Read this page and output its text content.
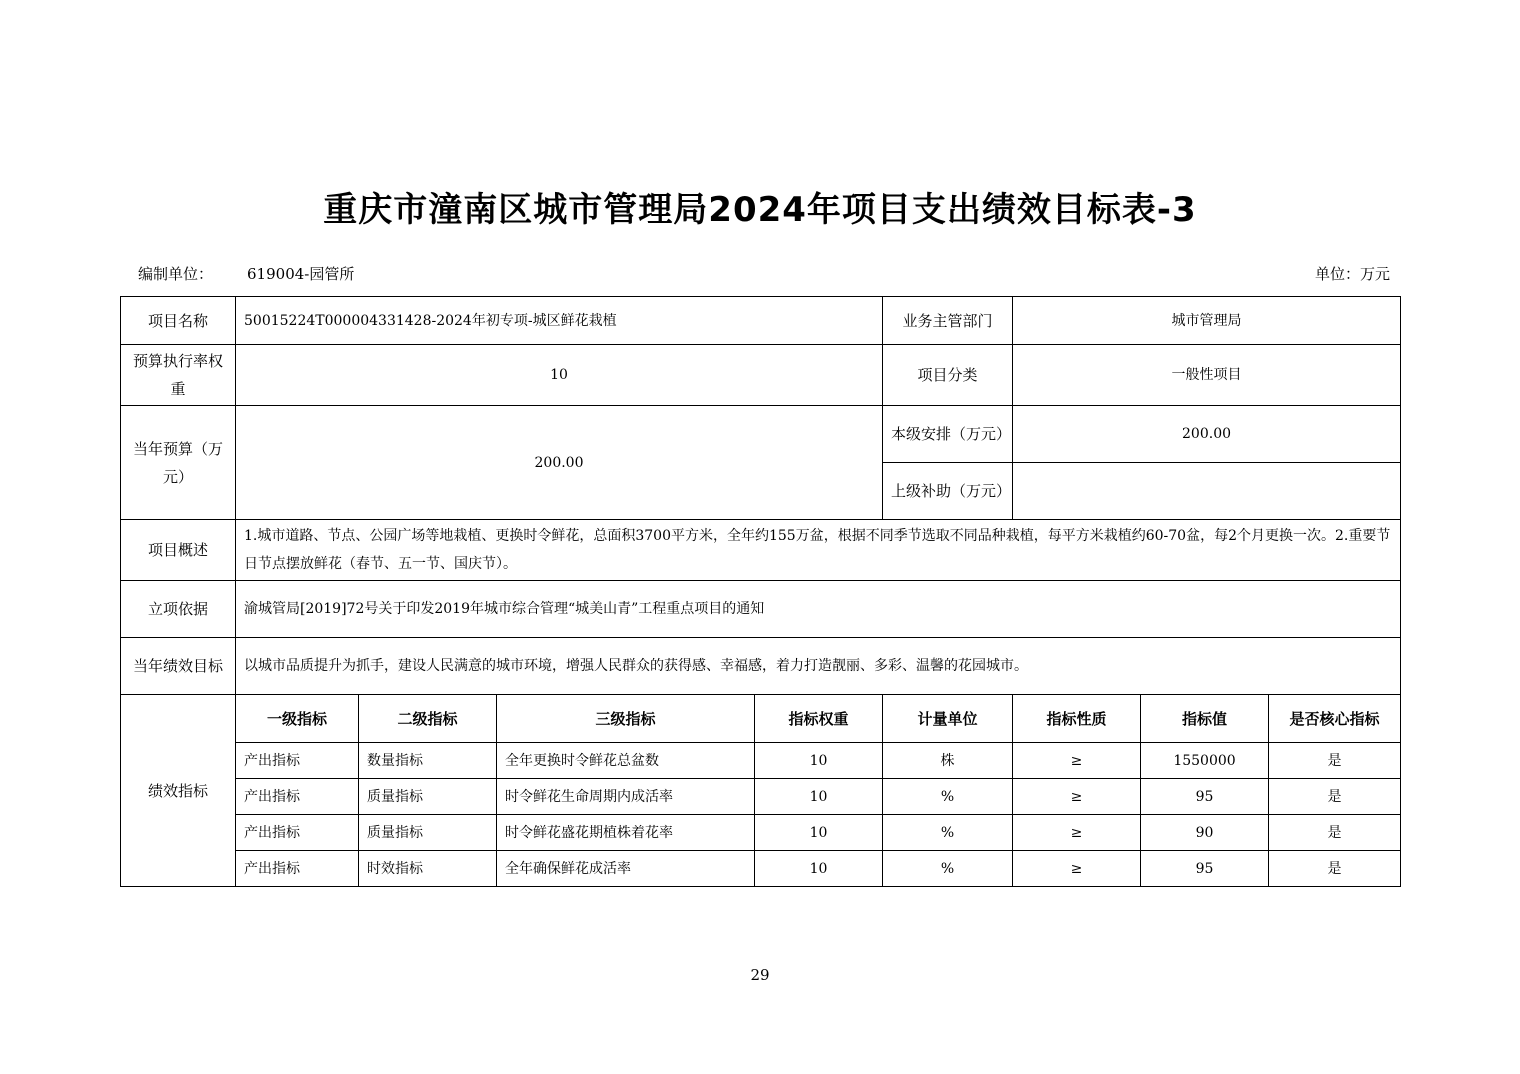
重庆市潼南区城市管理局2024年项目支出绩效目标表-3
编制单位： 619004-园管所	单位：万元
项目名称	50015224T000004331428-2024年初专项-城区鲜花栽植				业务主管部门	城市管理局		
预算执行率权重	10				项目分类	一般性项目		
当年预算（万元）	200.00				本级安排（万元）	200.00		
					上级补助（万元）			
项目概述	1.城市道路、节点、公园广场等地栽植、更换时令鲜花，总面积3700平方米，全年约155万盆，根据不同季节选取不同品种栽植，每平方米栽植约60-70盆，每2个月更换一次。2.重要节日节点摆放鲜花（春节、五一节、国庆节）。							
立项依据	渝城管局[2019]72号关于印发2019年城市综合管理“城美山青”工程重点项目的通知							
当年绩效目标	以城市品质提升为抓手，建设人民满意的城市环境，增强人民群众的获得感、幸福感，着力打造靓丽、多彩、温馨的花园城市。							
绩效指标	一级指标	二级指标	三级指标	指标权重	计量单位	指标性质	指标值	是否核心指标
	产出指标	数量指标	全年更换时令鲜花总盆数	10	株	≥	1550000	是
	产出指标	质量指标	时令鲜花生命周期内成活率	10	%	≥	95	是
	产出指标	质量指标	时令鲜花盛花期植株着花率	10	%	≥	90	是
	产出指标	时效指标	全年确保鲜花成活率	10	%	≥	95	是
29
